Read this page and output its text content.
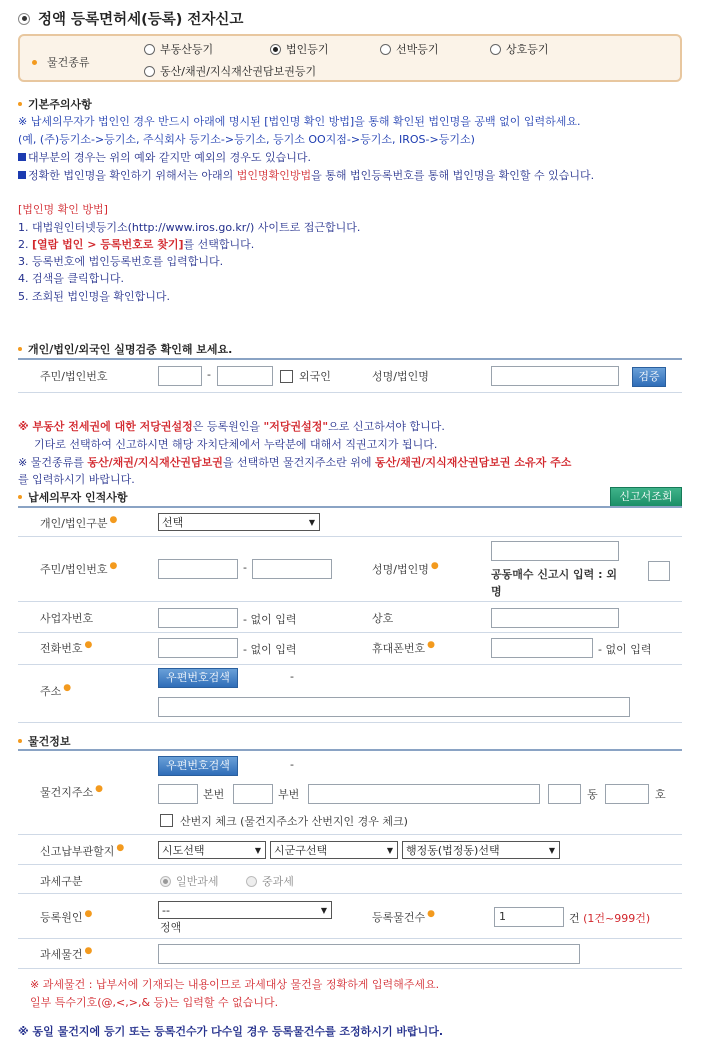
정액 등록면허세(등록) 전자신고
물건종류
부동산등기	법인등기	선박등기	상호등기
동산/채권/지식재산권담보권등기
기본주의사항
※ 납세의무자가 법인인 경우 반드시 아래에 명시된 [법인명 확인 방법]을 통해 확인된 법인명을 공백 없이 입력하세요.
(예, (주)등기소->등기소, 주식회사 등기소->등기소, 등기소 OO지점->등기소, IROS->등기소)
대부분의 경우는 위의 예와 같지만 예외의 경우도 있습니다.
정확한 법인명을 확인하기 위해서는 아래의 법인명확인방법을 통해 법인등록번호를 통해 법인명을 확인할 수 있습니다.
[법인명 확인 방법]
1. 대법원인터넷등기소(http://www.iros.go.kr/) 사이트로 접근합니다.
2. [열람 법인 > 등록번호로 찾기]를 선택합니다.
3. 등록번호에 법인등록번호를 입력합니다.
4. 검색을 클릭합니다.
5. 조회된 법인명을 확인합니다.
개인/법인/외국인 실명검증 확인해 보세요.
주민/법인번호	-	외국인	성명/법인명	검증
※ 부동산 전세권에 대한 저당권설정은 등록원인을 "저당권설정"으로 신고하셔야 합니다.
기타로 선택하여 신고하시면 해당 자치단체에서 누락분에 대해서 직권고지가 됩니다.
※ 물건종류를 동산/채권/지식재산권담보권을 선택하면 물건지주소란 위에 동산/채권/지식재산권담보권 소유자 주소
를 입력하시기 바랍니다.
납세의무자 인적사항	신고서조회
개인/법인구분 ●	선택	▼
주민/법인번호 ●	-	성명/법인명 ●
공동매수 신고시 입력 : 외
명
사업자번호	- 없이 입력	상호
전화번호 ●	- 없이 입력	휴대폰번호 ●	- 없이 입력
주소 ●
우편번호검색	-
물건정보
물건지주소 ●
우편번호검색	-
본번	부번	동	호
산번지 체크 (물건지주소가 산번지인 경우 체크)
신고납부관할지 ●	시도선택	▼	시군구선택	▼	행정동(법정동)선택	▼
과세구분	일반과세	중과세
등록원인 ●	--	▼
정액
등록물건수 ●	1	건 (1건~999건)
과세물건 ●
※ 과세물건 : 납부서에 기재되는 내용이므로 과세대상 물건을 정확하게 입력해주세요.
일부 특수기호(@,<,>,& 등)는 입력할 수 없습니다.
※ 동일 물건지에 등기 또는 등록건수가 다수일 경우 등록물건수를 조정하시기 바랍니다.
